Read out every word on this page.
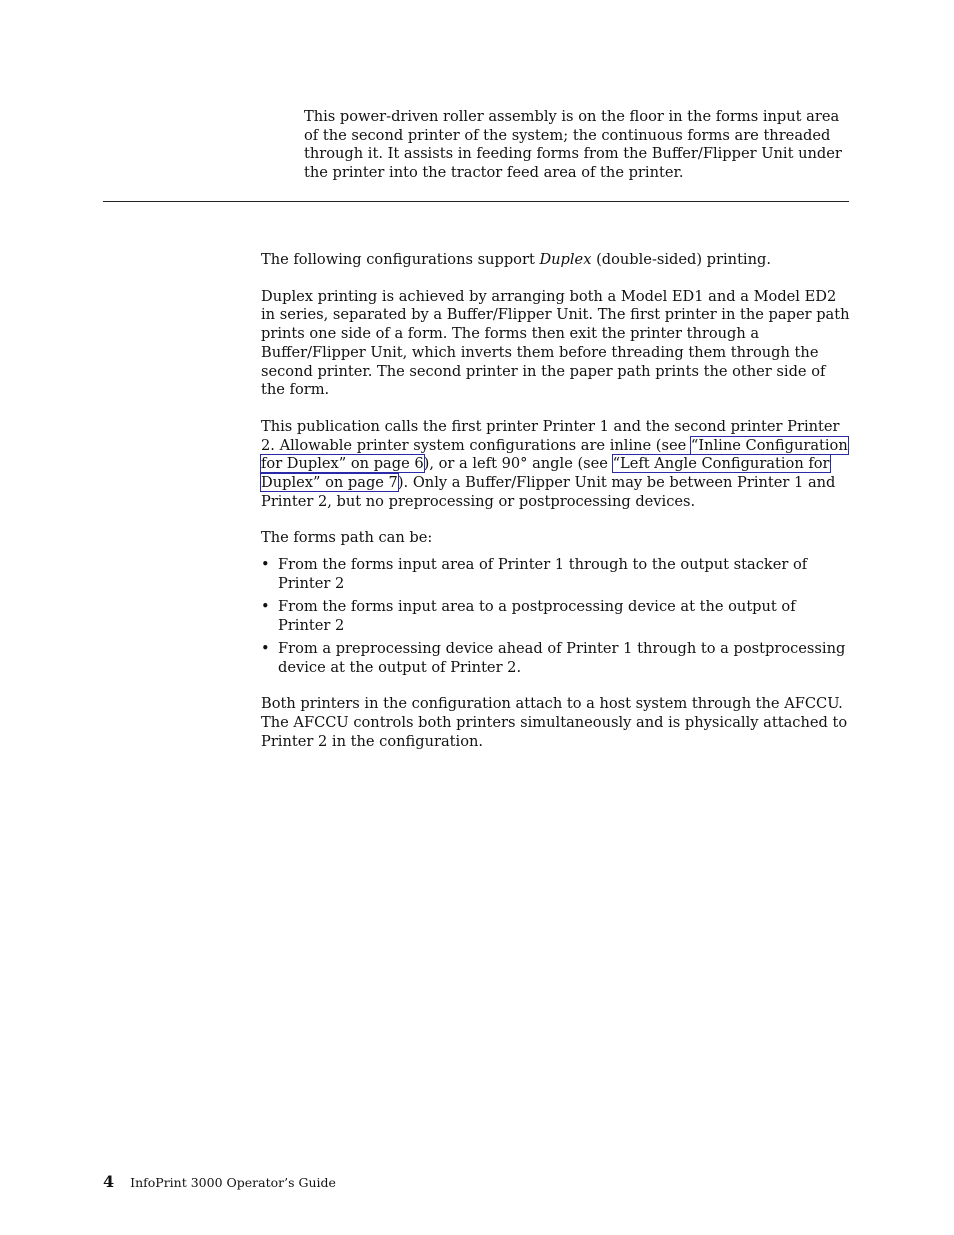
This power-driven roller assembly is on the floor in the forms input area of the second printer of the system; the continuous forms are threaded through it. It assists in feeding forms from the Buffer/Flipper Unit under the printer into the tractor feed area of the printer.

The following configurations support Duplex (double-sided) printing.

Duplex printing is achieved by arranging both a Model ED1 and a Model ED2 in series, separated by a Buffer/Flipper Unit. The first printer in the paper path prints one side of a form. The forms then exit the printer through a Buffer/Flipper Unit, which inverts them before threading them through the second printer. The second printer in the paper path prints the other side of the form.

This publication calls the first printer Printer 1 and the second printer Printer 2. Allowable printer system configurations are inline (see “Inline Configuration for Duplex” on page 6), or a left 90° angle (see “Left Angle Configuration for Duplex” on page 7). Only a Buffer/Flipper Unit may be between Printer 1 and Printer 2, but no preprocessing or postprocessing devices.

The forms path can be:

• From the forms input area of Printer 1 through to the output stacker of Printer 2
• From the forms input area to a postprocessing device at the output of Printer 2
• From a preprocessing device ahead of Printer 1 through to a postprocessing device at the output of Printer 2.

Both printers in the configuration attach to a host system through the AFCCU. The AFCCU controls both printers simultaneously and is physically attached to Printer 2 in the configuration.

4 InfoPrint 3000 Operator’s Guide
